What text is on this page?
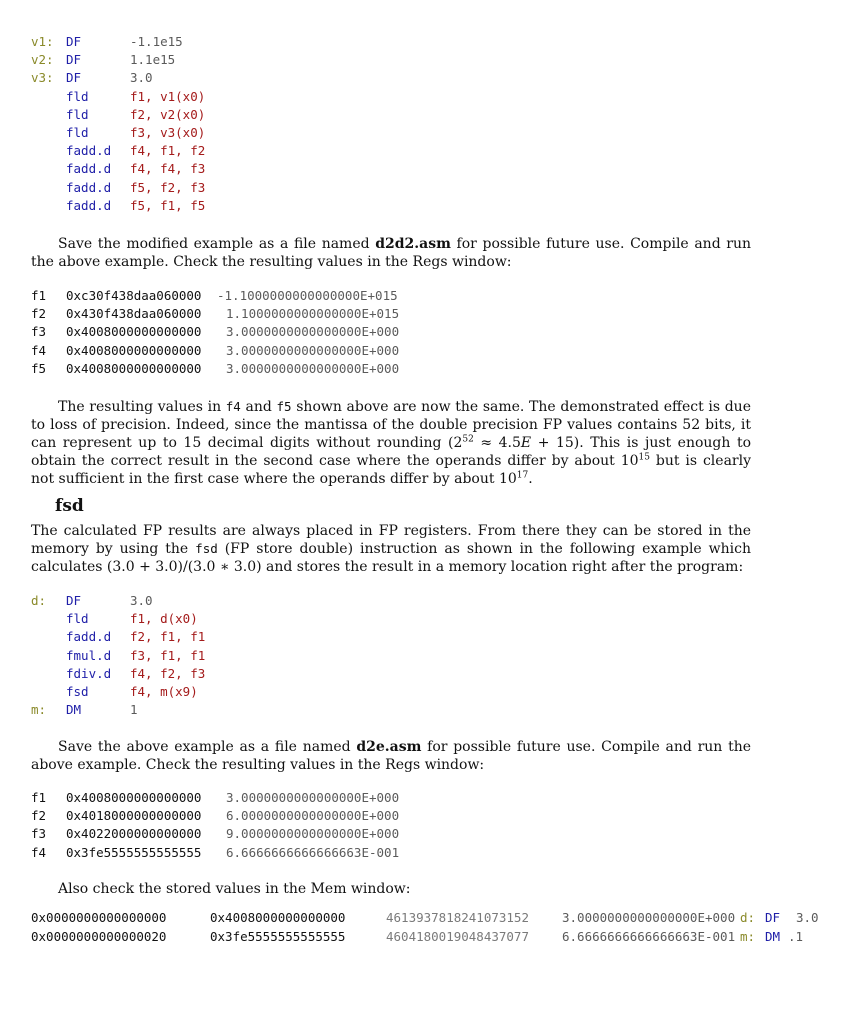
v1: DF	-1.1e15
v2: DF	1.1e15
v3: DF	3.0
fld	f1, v1(x0)
fld	f2, v2(x0)
fld	f3, v3(x0)
fadd.d f4, f1, f2
fadd.d f4, f4, f3
fadd.d f5, f2, f3
fadd.d f5, f1, f5
Save the modified example as a file named d2d2.asm for possible future use. Compile and run the above example. Check the resulting values in the Regs window:
f1 0xc30f438daa060000 -1.1000000000000000E+015
f2 0x430f438daa060000 1.1000000000000000E+015
f3 0x4008000000000000 3.0000000000000000E+000
f4 0x4008000000000000 3.0000000000000000E+000
f5 0x4008000000000000 3.0000000000000000E+000
The resulting values in f4 and f5 shown above are now the same. The demonstrated effect is due to loss of precision. Indeed, since the mantissa of the double precision FP values contains 52 bits, it can represent up to 15 decimal digits without rounding $(2^{52} \approx 4.5E + 15)$. This is just enough to obtain the correct result in the second case where the operands differ by about $10^{15}$ but is clearly not sufficient in the first case where the operands differ by about $10^{17}$.
fsd
The calculated FP results are always placed in FP registers. From there they can be stored in the memory by using the fsd (FP store double) instruction as shown in the following example which calculates (3.0 + 3.0)/(3.0 ∗ 3.0) and stores the result in a memory location right after the program:
d: DF	3.0
fld	f1, d(x0)
fadd.d f2, f1, f1
fmul.d f3, f1, f1
fdiv.d f4, f2, f3
fsd	f4, m(x9)
m: DM	1
Save the above example as a file named d2e.asm for possible future use. Compile and run the above example. Check the resulting values in the Regs window:
f1 0x4008000000000000 3.0000000000000000E+000
f2 0x4018000000000000 6.0000000000000000E+000
f3 0x4022000000000000 9.0000000000000000E+000
f4 0x3fe5555555555555 6.6666666666666663E-001
Also check the stored values in the Mem window:
0x0000000000000000	0x4008000000000000	4613937818241073152	3.0000000000000000E+000 d: DF 3.0
0x0000000000000020	0x3fe5555555555555	4604180019048437077	6.6666666666666663E-001 m: DM .1
